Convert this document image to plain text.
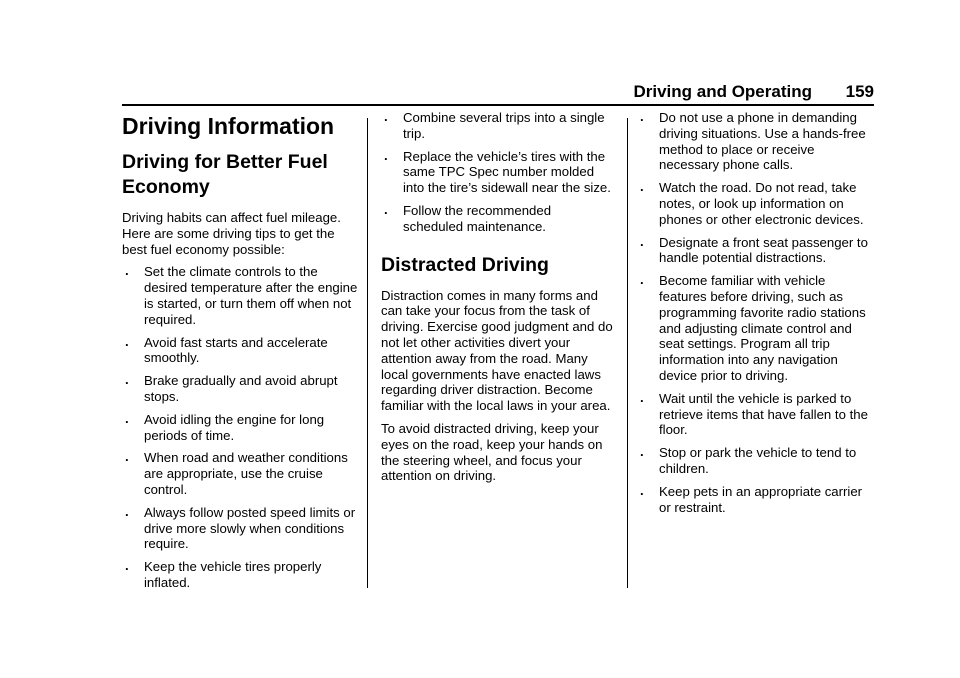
Driving and Operating 159
Driving Information
Driving for Better Fuel Economy

Driving habits can affect fuel mileage. Here are some driving tips to get the best fuel economy possible:

. Set the climate controls to the desired temperature after the engine is started, or turn them off when not required.
. Avoid fast starts and accelerate smoothly.
. Brake gradually and avoid abrupt stops.
. Avoid idling the engine for long periods of time.
. When road and weather conditions are appropriate, use the cruise control.
. Always follow posted speed limits or drive more slowly when conditions require.
. Keep the vehicle tires properly inflated.
. Combine several trips into a single trip.
. Replace the vehicle’s tires with the same TPC Spec number molded into the tire’s sidewall near the size.
. Follow the recommended scheduled maintenance.
Distracted Driving

Distraction comes in many forms and can take your focus from the task of driving. Exercise good judgment and do not let other activities divert your attention away from the road. Many local governments have enacted laws regarding driver distraction. Become familiar with the local laws in your area.

To avoid distracted driving, keep your eyes on the road, keep your hands on the steering wheel, and focus your attention on driving.

. Do not use a phone in demanding driving situations. Use a hands-free method to place or receive necessary phone calls.
. Watch the road. Do not read, take notes, or look up information on phones or other electronic devices.
. Designate a front seat passenger to handle potential distractions.
. Become familiar with vehicle features before driving, such as programming favorite radio stations and adjusting climate control and seat settings. Program all trip information into any navigation device prior to driving.
. Wait until the vehicle is parked to retrieve items that have fallen to the floor.
. Stop or park the vehicle to tend to children.
. Keep pets in an appropriate carrier or restraint.
